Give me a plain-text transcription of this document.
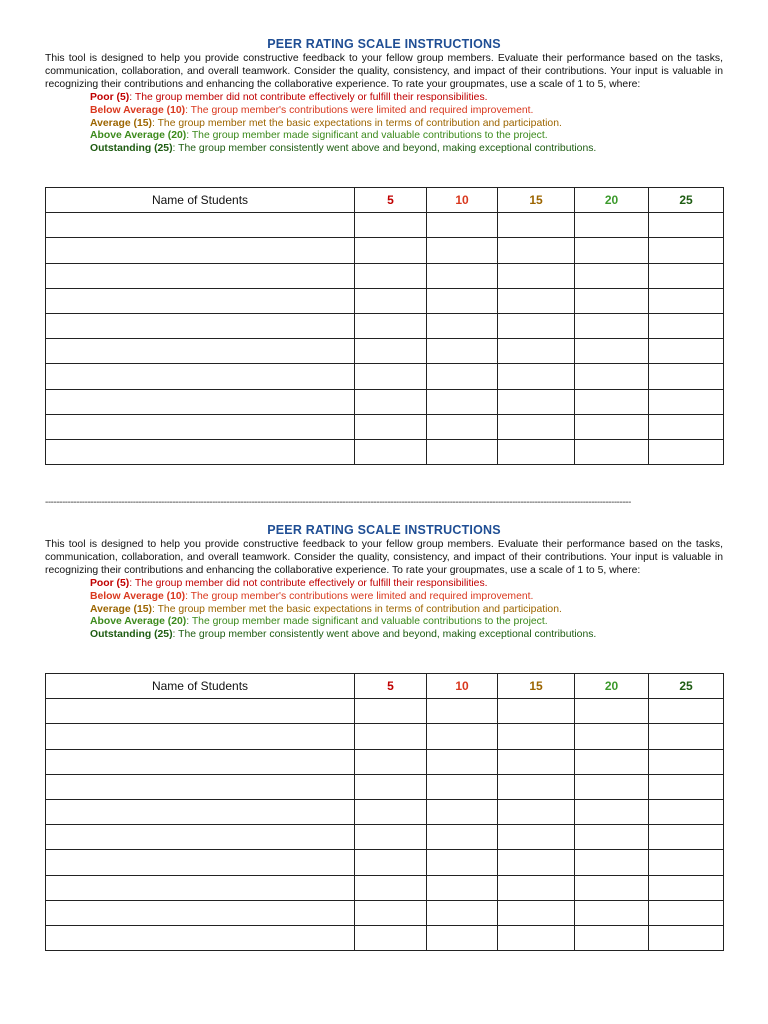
PEER RATING SCALE INSTRUCTIONS

This tool is designed to help you provide constructive feedback to your fellow group members. Evaluate their performance based on the tasks, communication, collaboration, and overall teamwork. Consider the quality, consistency, and impact of their contributions. Your input is valuable in recognizing their contributions and enhancing the collaborative experience. To rate your groupmates, use a scale of 1 to 5, where:

Poor (5): The group member did not contribute effectively or fulfill their responsibilities.
Below Average (10): The group member's contributions were limited and required improvement.
Average (15): The group member met the basic expectations in terms of contribution and participation.
Above Average (20): The group member made significant and valuable contributions to the project.
Outstanding (25): The group member consistently went above and beyond, making exceptional contributions.
Name of Students	5	10	15	20	25

---------------------------------------------------------------------------------------------------------------------------------------------------------------------------------------------------------------
PEER RATING SCALE INSTRUCTIONS

This tool is designed to help you provide constructive feedback to your fellow group members. Evaluate their performance based on the tasks, communication, collaboration, and overall teamwork. Consider the quality, consistency, and impact of their contributions. Your input is valuable in recognizing their contributions and enhancing the collaborative experience. To rate your groupmates, use a scale of 1 to 5, where:

Poor (5): The group member did not contribute effectively or fulfill their responsibilities.
Below Average (10): The group member's contributions were limited and required improvement.
Average (15): The group member met the basic expectations in terms of contribution and participation.
Above Average (20): The group member made significant and valuable contributions to the project.
Outstanding (25): The group member consistently went above and beyond, making exceptional contributions.
Name of Students	5	10	15	20	25
